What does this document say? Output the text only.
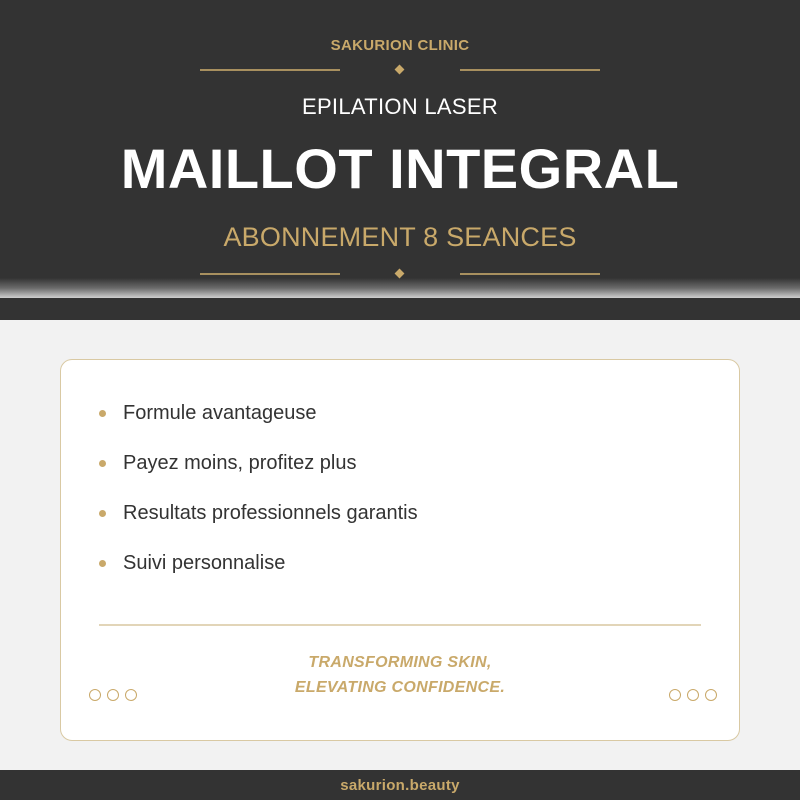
SAKURION CLINIC
EPILATION LASER
MAILLOT INTEGRAL
ABONNEMENT 8 SEANCES
Formule avantageuse
Payez moins, profitez plus
Resultats professionnels garantis
Suivi personnalise
TRANSFORMING SKIN,
ELEVATING CONFIDENCE.
sakurion.beauty
